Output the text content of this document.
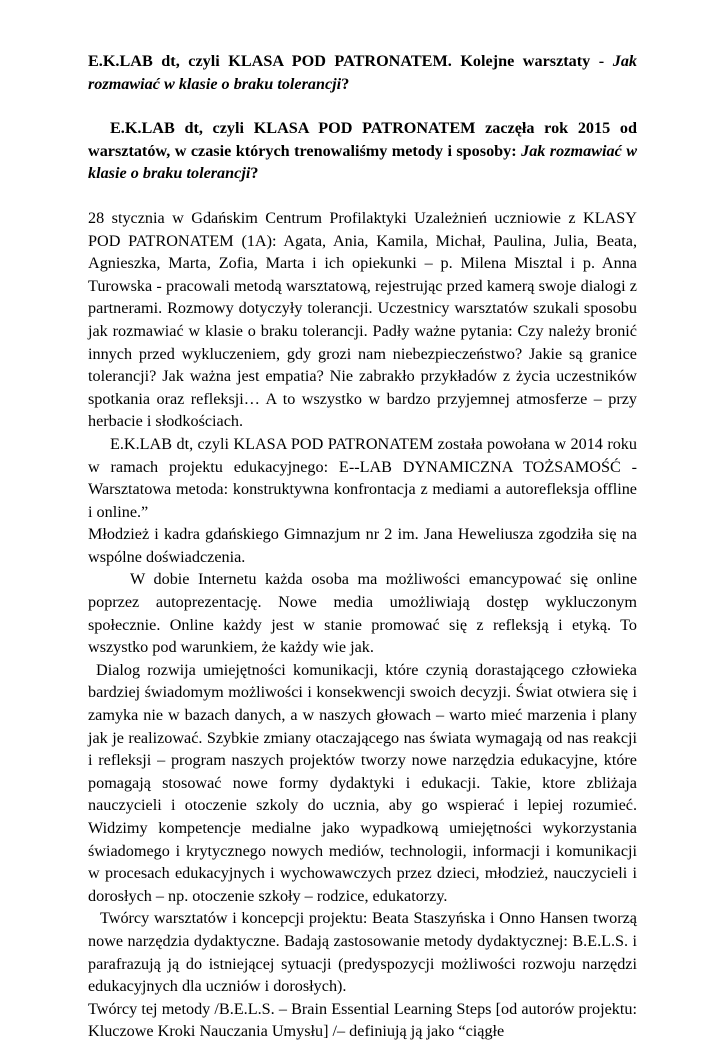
E.K.LAB dt, czyli KLASA POD PATRONATEM. Kolejne warsztaty - Jak rozmawiać w klasie o braku tolerancji?
E.K.LAB dt, czyli KLASA POD PATRONATEM zaczęła rok 2015 od warsztatów, w czasie których trenowaliśmy metody i sposoby: Jak rozmawiać w klasie o braku tolerancji?

28 stycznia w Gdańskim Centrum Profilaktyki Uzależnień uczniowie z KLASY POD PATRONATEM (1A): Agata, Ania, Kamila, Michał, Paulina, Julia, Beata, Agnieszka, Marta, Zofia, Marta i ich opiekunki – p. Milena Misztal i p. Anna Turowska - pracowali metodą warsztatową, rejestrując przed kamerą swoje dialogi z partnerami. Rozmowy dotyczyły tolerancji. Uczestnicy warsztatów szukali sposobu jak rozmawiać w klasie o braku tolerancji. Padły ważne pytania: Czy należy bronić innych przed wykluczeniem, gdy grozi nam niebezpieczeństwo? Jakie są granice tolerancji? Jak ważna jest empatia? Nie zabrakło przykładów z życia uczestników spotkania oraz refleksji… A to wszystko w bardzo przyjemnej atmosferze – przy herbacie i słodkościach.

E.K.LAB dt, czyli KLASA POD PATRONATEM została powołana w 2014 roku w ramach projektu edukacyjnego: E--LAB DYNAMICZNA TOŻSAMOŚĆ - Warsztatowa metoda: konstruktywna konfrontacja z mediami a autorefleksja offline i online.”

Młodzież i kadra gdańskiego Gimnazjum nr 2 im. Jana Heweliusza zgodziła się na wspólne doświadczenia.

W dobie Internetu każda osoba ma możliwości emancypować się online poprzez autoprezentację. Nowe media umożliwiają dostęp wykluczonym społecznie. Online każdy jest w stanie promować się z refleksją i etyką. To wszystko pod warunkiem, że każdy wie jak.

Dialog rozwija umiejętności komunikacji, które czynią dorastającego człowieka bardziej świadomym możliwości i konsekwencji swoich decyzji. Świat otwiera się i zamyka nie w bazach danych, a w naszych głowach – warto mieć marzenia i plany jak je realizować. Szybkie zmiany otaczającego nas świata wymagają od nas reakcji i refleksji – program naszych projektów tworzy nowe narzędzia edukacyjne, które pomagają stosować nowe formy dydaktyki i edukacji. Takie, ktore zbliżaja nauczycieli i otoczenie szkoly do ucznia, aby go wspierać i lepiej rozumieć. Widzimy kompetencje medialne jako wypadkową umiejętności wykorzystania świadomego i krytycznego nowych mediów, technologii, informacji i komunikacji w procesach edukacyjnych i wychowawczych przez dzieci, młodzież, nauczycieli i dorosłych – np. otoczenie szkoły – rodzice, edukatorzy.

Twórcy warsztatów i koncepcji projektu: Beata Staszyńska i Onno Hansen tworzą nowe narzędzia dydaktyczne. Badają zastosowanie metody dydaktycznej: B.E.L.S. i parafrazują ją do istniejącej sytuacji (predyspozycji możliwości rozwoju narzędzi edukacyjnych dla uczniów i dorosłych).

Twórcy tej metody /B.E.L.S. – Brain Essential Learning Steps [od autorów projektu: Kluczowe Kroki Nauczania Umysłu] /– definiują ją jako “ciągłe
